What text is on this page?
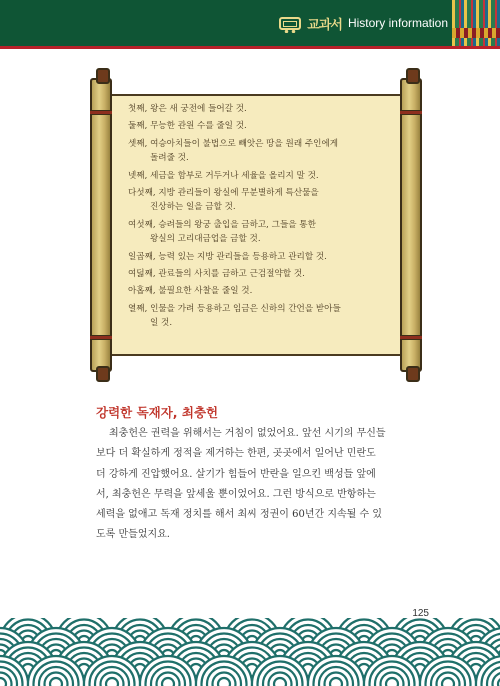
교과서 History information
첫째, 왕은 새 궁전에 들어갈 것.
둘째, 무능한 관원 수를 줄일 것.
셋째, 여승아치들이 불법으로 빼앗은 땅을 원래 주인에게
돌려줄 것.
넷째, 세금을 함부로 거두거나 세율을 올리지 말 것.
다섯째, 지방 관리들이 왕실에 무분별하게 특산물을
진상하는 일을 금할 것.
여섯째, 승려들의 왕궁 출입을 금하고, 그들을 통한
왕실의 고리대금업을 금할 것.
일곱째, 능력 있는 지방 관리들을 등용하고 관리할 것.
여덟째, 관료들의 사치를 금하고 근검절약할 것.
아홉째, 불필요한 사찰을 줄일 것.
열째, 인물을 가려 등용하고 임금은 신하의 간언을 받아들
일 것.
강력한 독재자, 최충헌
최충헌은 권력을 위해서는 거침이 없었어요. 앞선 시기의 무신들
보다 더 확실하게 정적을 제거하는 한편, 곳곳에서 일어난 민란도
더 강하게 진압했어요. 살기가 힘들어 반란을 일으킨 백성들 앞에
서, 최충헌은 무력을 앞세울 뿐이었어요. 그런 방식으로 반항하는
세력을 없애고 독재 정치를 해서 최씨 정권이 60년간 지속될 수 있
도록 만들었지요.
125
